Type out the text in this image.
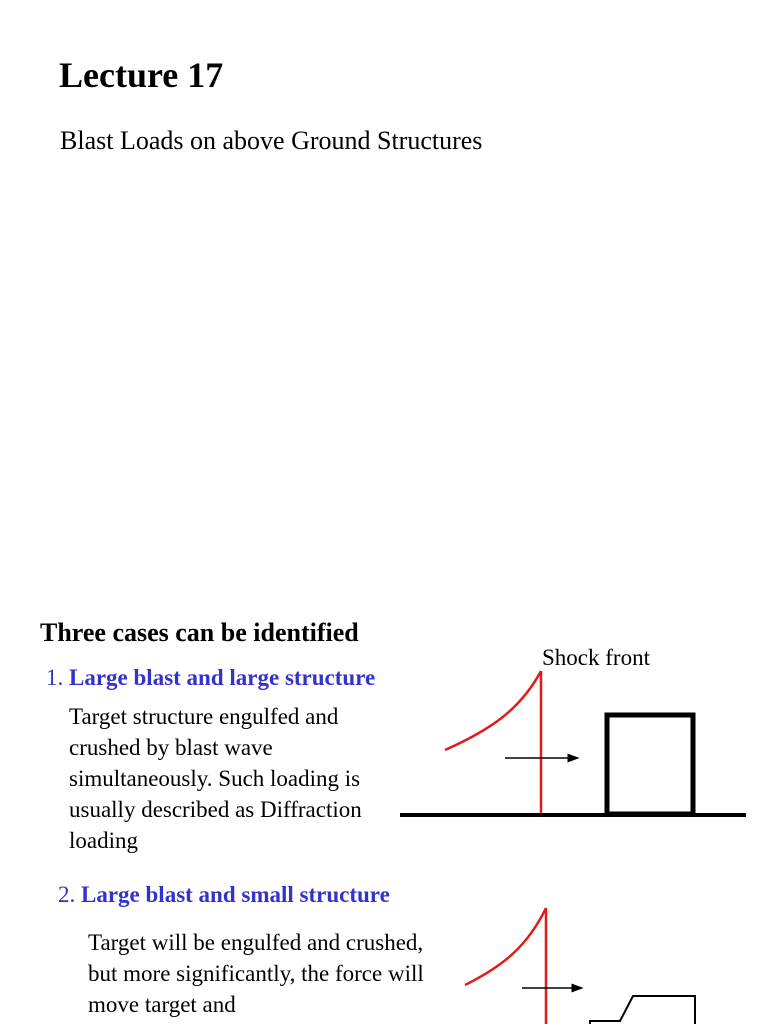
Lecture 17
Blast Loads on above Ground Structures
Three cases can be identified
1. Large blast and large structure
Target structure engulfed and crushed by blast wave simultaneously. Such loading is usually described as Diffraction loading
Shock front
2. Large blast and small structure
Target will be engulfed and crushed, but more significantly, the force will move target and
